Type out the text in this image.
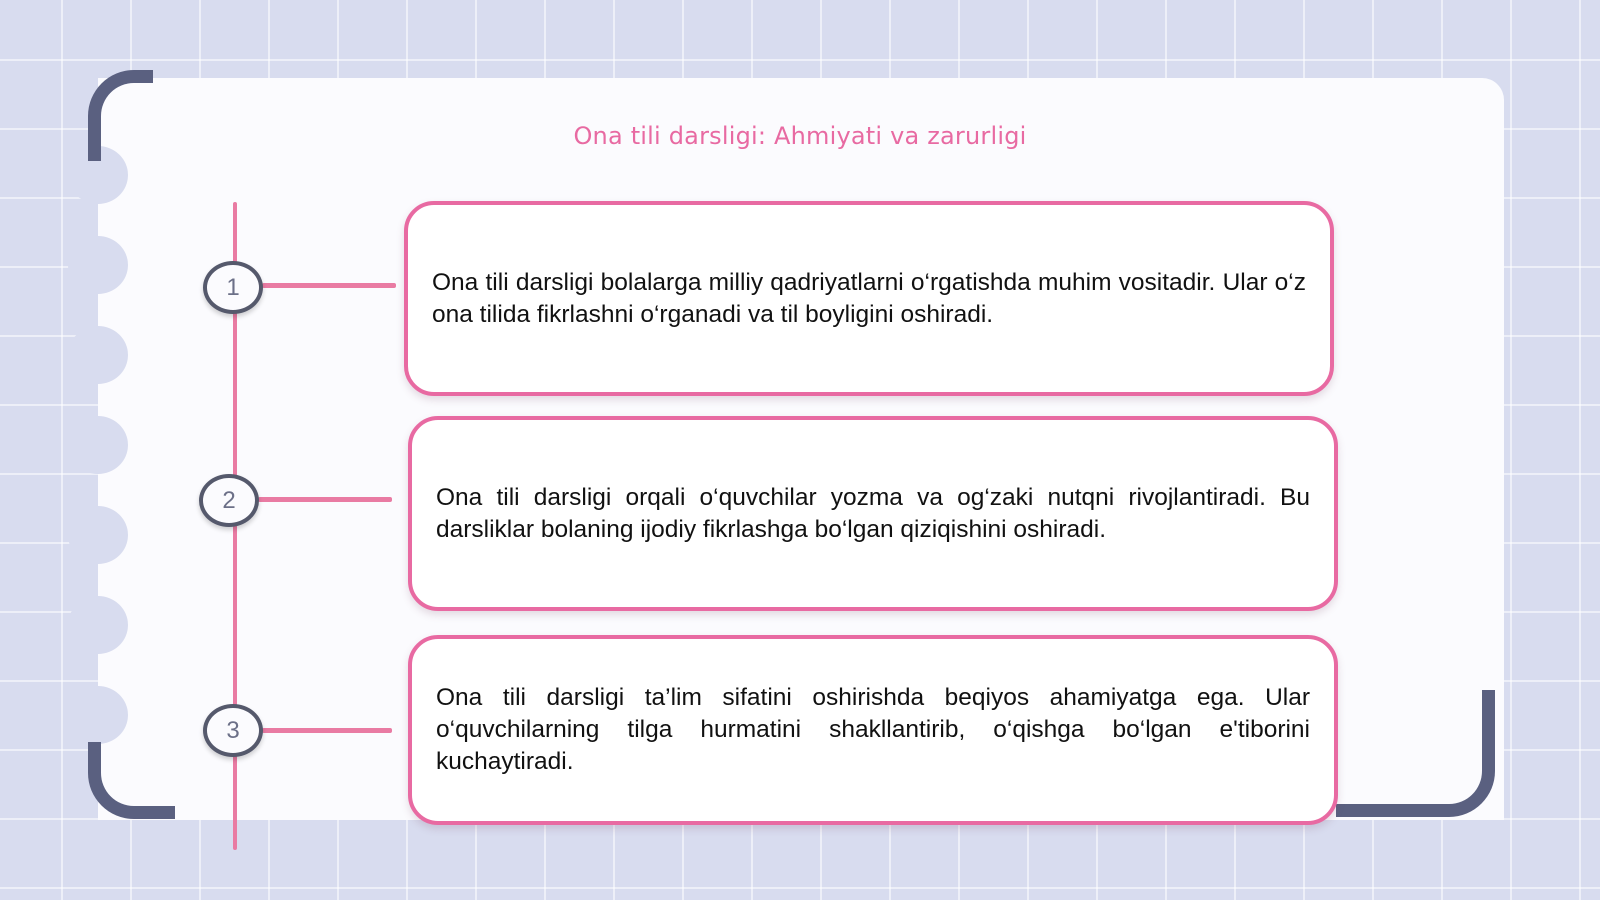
Ona tili darsligi: Ahmiyati va zarurligi
1	Ona tili darsligi bolalarga milliy qadriyatlarni o‘rgatishda muhim vositadir. Ular o‘z ona tilida fikrlashni o‘rganadi va til boyligini oshiradi.
2	Ona tili darsligi orqali o‘quvchilar yozma va og‘zaki nutqni rivojlantiradi. Bu darsliklar bolaning ijodiy fikrlashga bo‘lgan qiziqishini oshiradi.
3
Ona tili darsligi ta’lim sifatini oshirishda beqiyos ahamiyatga ega. Ular o‘quvchilarning tilga hurmatini shakllantirib, o‘qishga bo‘lgan e'tiborini kuchaytiradi.
